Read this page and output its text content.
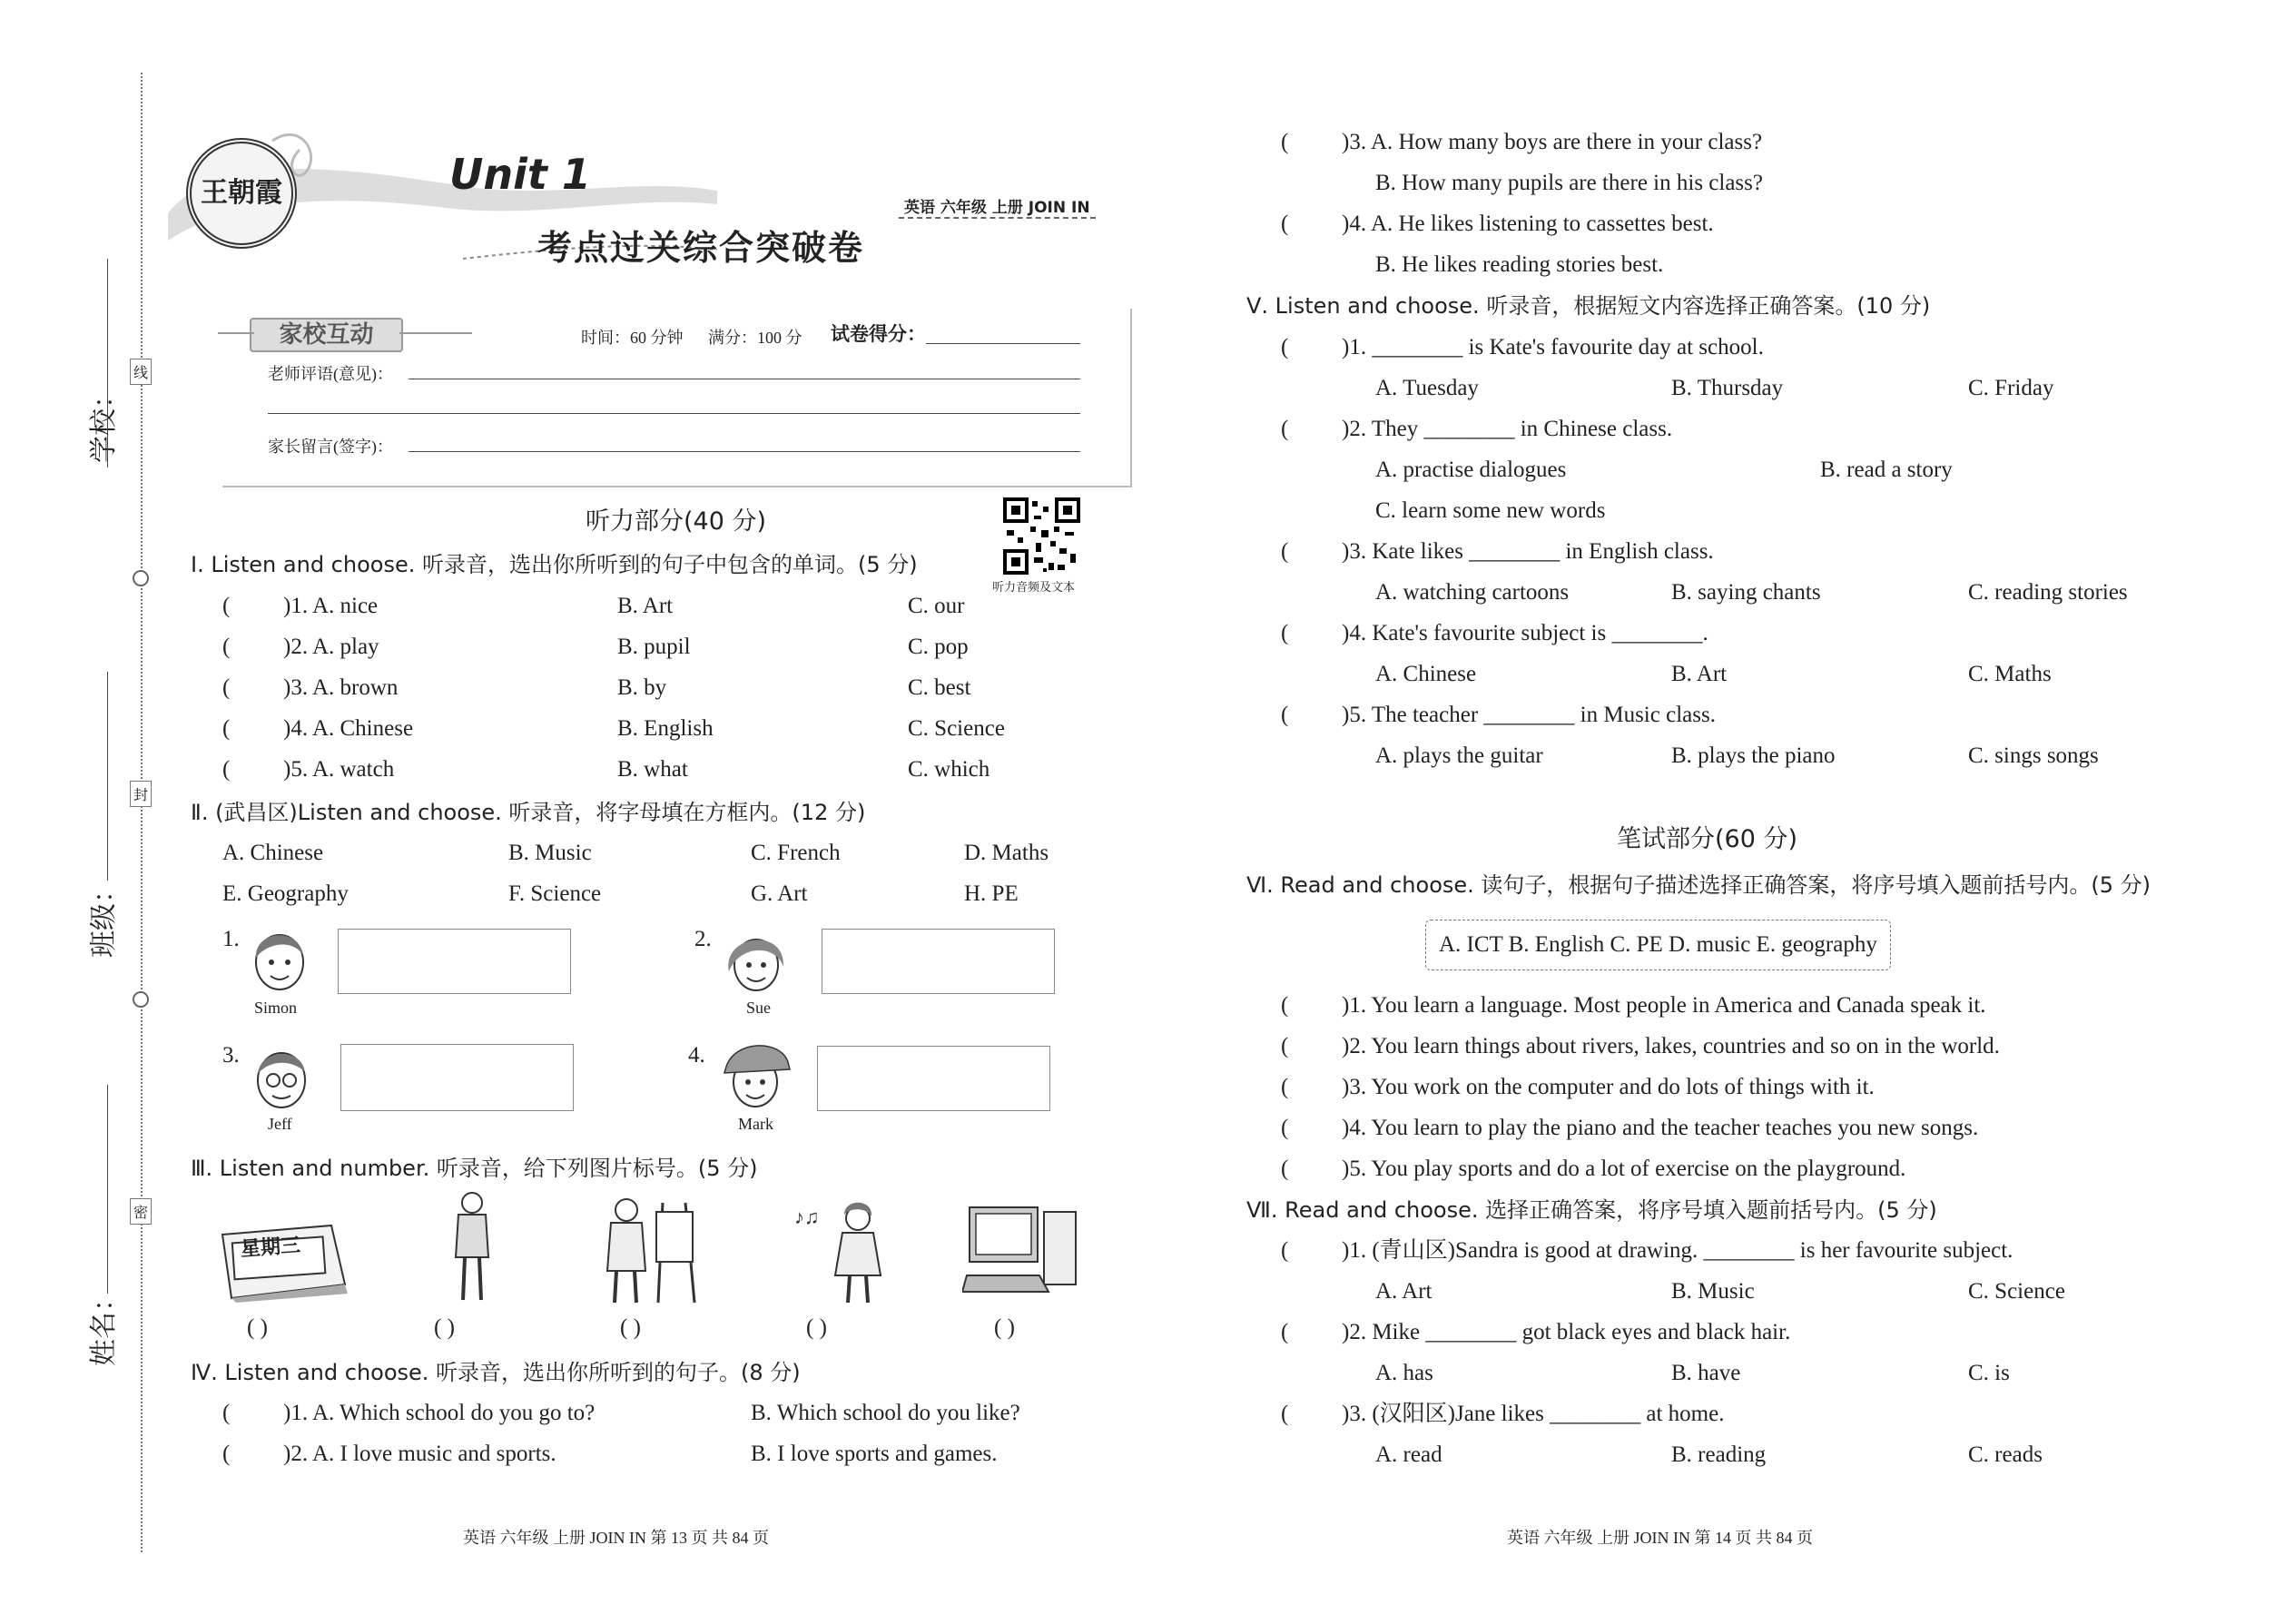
学校：
班级：
姓名：
线
封
密
王朝霞	Unit 1
考点过关综合突破卷
英语 六年级 上册 JOIN IN
家校互动	时间：60 分钟 满分：100 分 试卷得分：
老师评语(意见)：
家长留言(签字)：
听力音频及文本
听力部分(40 分)
Ⅰ. Listen and choose. 听录音，选出你所听到的句子中包含的单词。(5 分)
( )1. A. nice	B. Art	C. our
( )2. A. play	B. pupil	C. pop
( )3. A. brown	B. by	C. best
( )4. A. Chinese	B. English	C. Science
( )5. A. watch	B. what	C. which
Ⅱ. (武昌区)Listen and choose. 听录音，将字母填在方框内。(12 分)
A. Chinese	B. Music	C. French	D. Maths
E. Geography	F. Science	G. Art	H. PE
1.
Simon
2.
Sue
3.
Jeff
4.
Mark
Ⅲ. Listen and number. 听录音，给下列图片标号。(5 分)
星期三
♪♫
( )	( )	( )	( )	( )
Ⅳ. Listen and choose. 听录音，选出你所听到的句子。(8 分)
( )1. A. Which school do you go to?	B. Which school do you like?
( )2. A. I love music and sports.	B. I love sports and games.
英语 六年级 上册 JOIN IN 第 13 页 共 84 页
( )3. A. How many boys are there in your class?
B. How many pupils are there in his class?
( )4. A. He likes listening to cassettes best.
B. He likes reading stories best.
Ⅴ. Listen and choose. 听录音，根据短文内容选择正确答案。(10 分)
( )1. ________ is Kate's favourite day at school.
A. Tuesday	B. Thursday	C. Friday
( )2. They ________ in Chinese class.
A. practise dialogues	B. read a story
C. learn some new words
( )3. Kate likes ________ in English class.
A. watching cartoons	B. saying chants	C. reading stories
( )4. Kate's favourite subject is ________.
A. Chinese	B. Art	C. Maths
( )5. The teacher ________ in Music class.
A. plays the guitar	B. plays the piano	C. sings songs
笔试部分(60 分)
Ⅵ. Read and choose. 读句子，根据句子描述选择正确答案，将序号填入题前括号内。(5 分)
A. ICT B. English C. PE D. music E. geography
( )1. You learn a language. Most people in America and Canada speak it.
( )2. You learn things about rivers, lakes, countries and so on in the world.
( )3. You work on the computer and do lots of things with it.
( )4. You learn to play the piano and the teacher teaches you new songs.
( )5. You play sports and do a lot of exercise on the playground.
Ⅶ. Read and choose. 选择正确答案，将序号填入题前括号内。(5 分)
( )1. (青山区)Sandra is good at drawing. ________ is her favourite subject.
A. Art	B. Music	C. Science
( )2. Mike ________ got black eyes and black hair.
A. has	B. have	C. is
( )3. (汉阳区)Jane likes ________ at home.
A. read	B. reading	C. reads
英语 六年级 上册 JOIN IN 第 14 页 共 84 页
